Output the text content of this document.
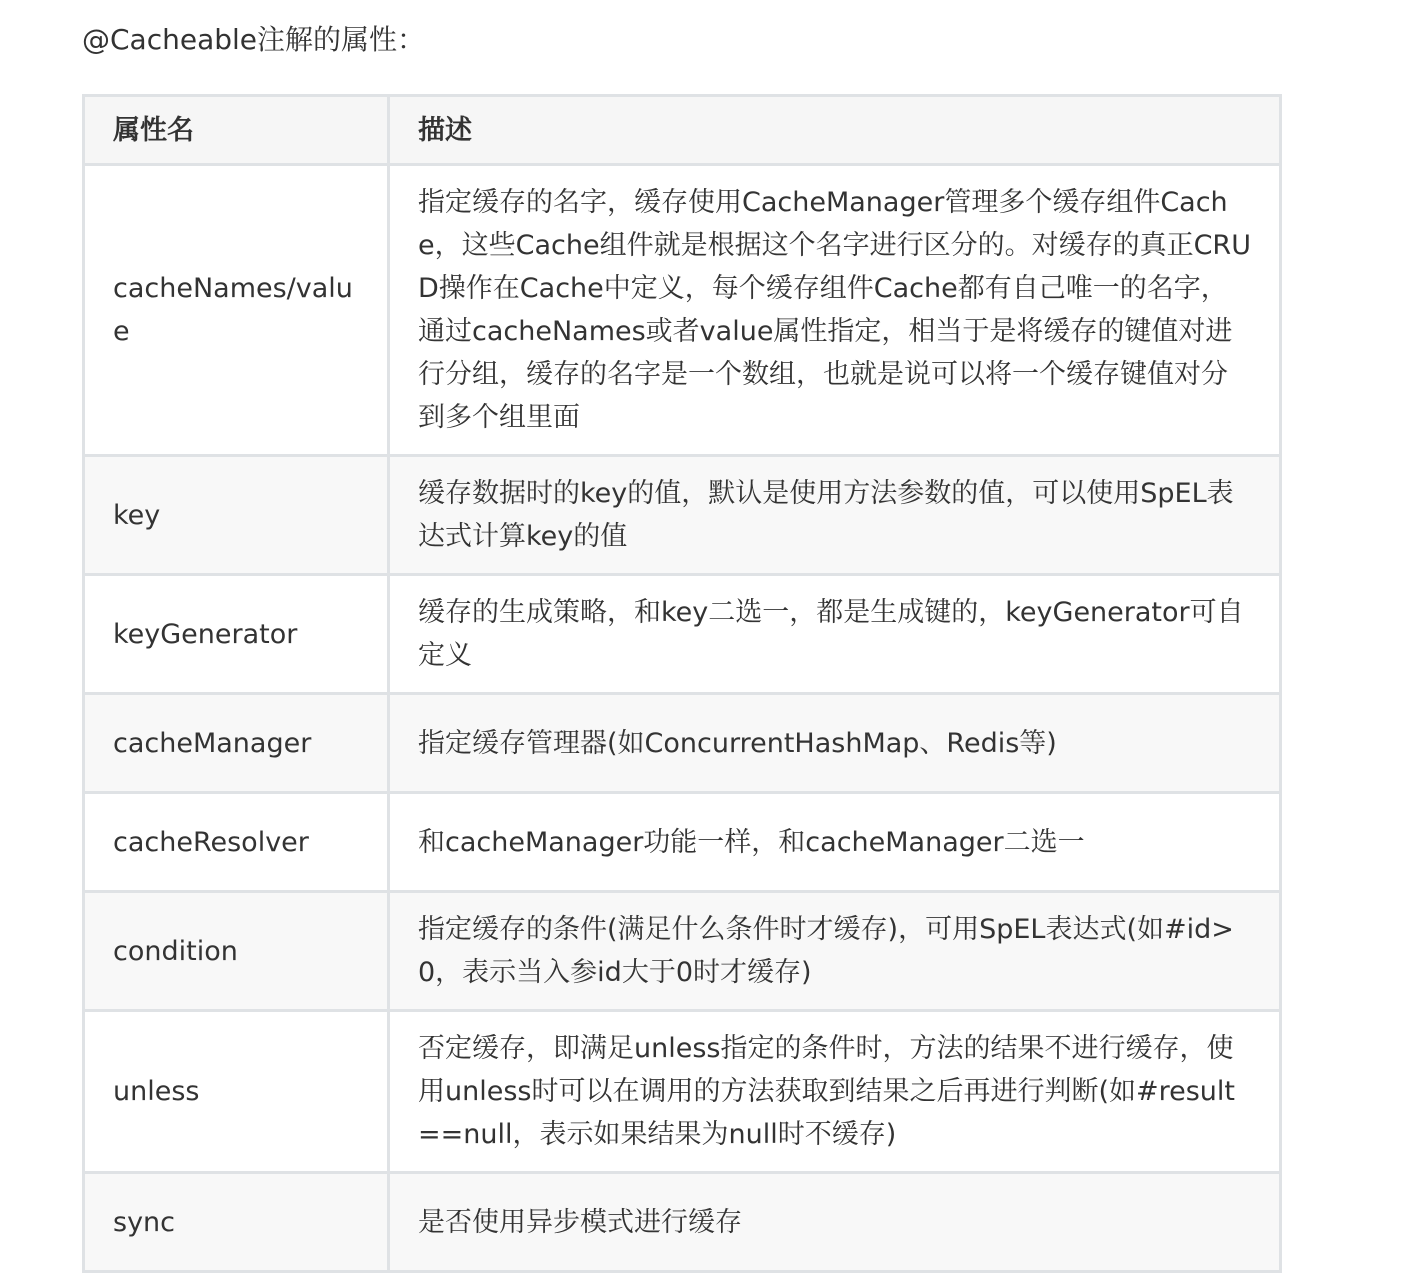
@Cacheable注解的属性：

属性名	描述
cacheNames/value	指定缓存的名字，缓存使用CacheManager管理多个缓存组件Cache，这些Cache组件就是根据这个名字进行区分的。对缓存的真正CRUD操作在Cache中定义，每个缓存组件Cache都有自己唯一的名字，通过cacheNames或者value属性指定，相当于是将缓存的键值对进行分组，缓存的名字是一个数组，也就是说可以将一个缓存键值对分到多个组里面
key	缓存数据时的key的值，默认是使用方法参数的值，可以使用SpEL表达式计算key的值
keyGenerator	缓存的生成策略，和key二选一，都是生成键的，keyGenerator可自定义
cacheManager	指定缓存管理器(如ConcurrentHashMap、Redis等)
cacheResolver	和cacheManager功能一样，和cacheManager二选一
condition	指定缓存的条件(满足什么条件时才缓存)，可用SpEL表达式(如#id>0，表示当入参id大于0时才缓存)
unless	否定缓存，即满足unless指定的条件时，方法的结果不进行缓存，使用unless时可以在调用的方法获取到结果之后再进行判断(如#result==null，表示如果结果为null时不缓存)
sync	是否使用异步模式进行缓存
